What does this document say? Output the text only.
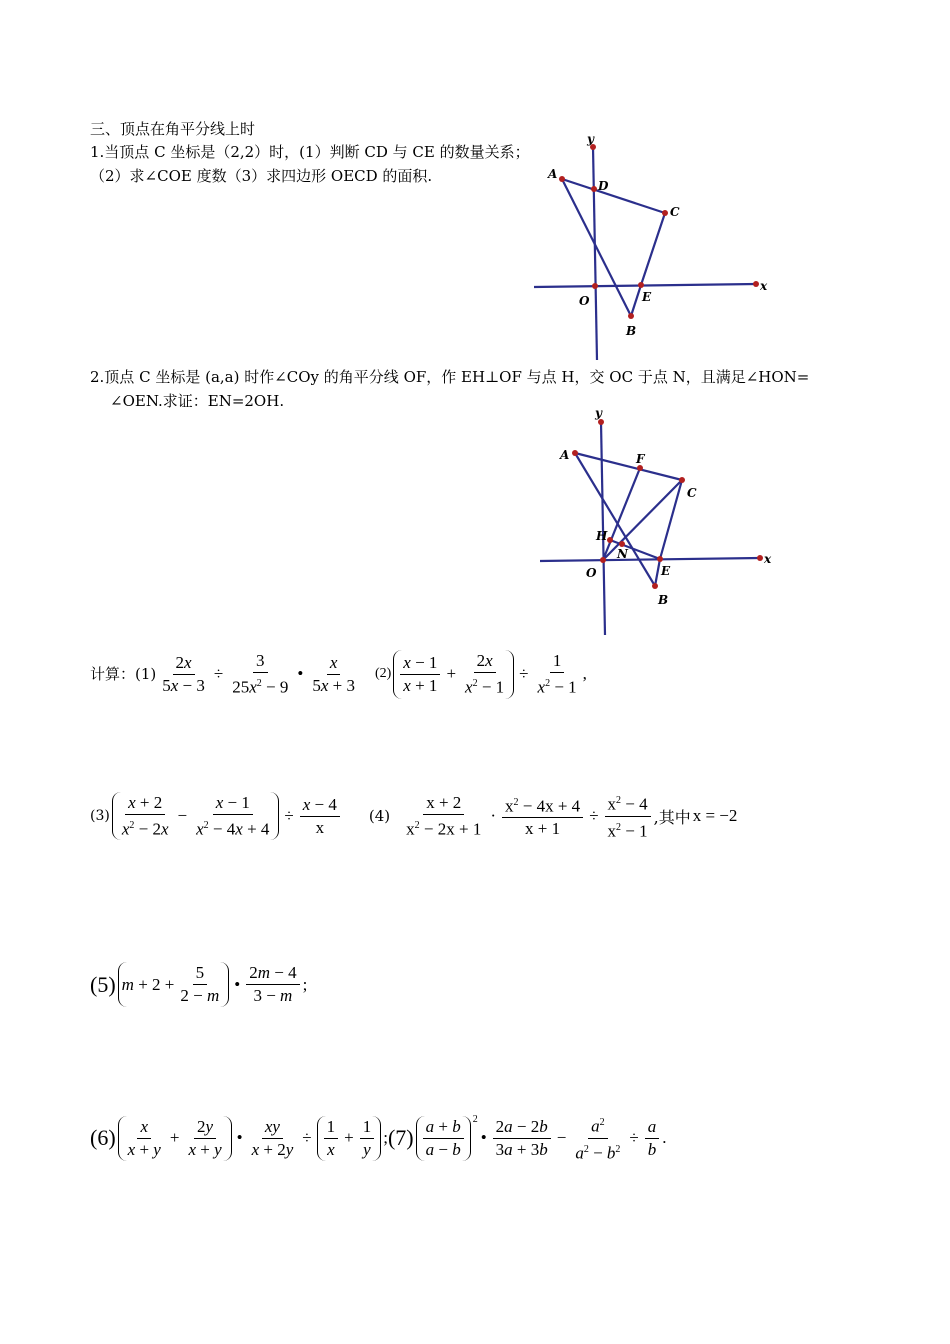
三、顶点在角平分线上时
1.当顶点 C 坐标是（2,2）时，(1）判断 CD 与 CE 的数量关系；
（2）求∠COE 度数（3）求四边形 OECD 的面积.
y
x
A
D
C
O	E
B
2.顶点 C 坐标是 (a,a) 时作∠COy 的角平分线 OF，作 EH⊥OF 与点 H，交 OC 于点 N，且满足∠HON=
∠OEN.求证：EN=2OH.
y
x
A	F
C
H
N
O	E
B
计算：$(1) \frac{2x}{5x - 3} \div \frac{3}{25x^2 - 9}$ • $\frac{x}{5x + 3} (2) \frac{x - 1}{x + 1} + \frac{2x}{x^2 - 1} \div \frac{1}{x^2 - 1}$ ,
$(3) \frac{x + 2}{x^2 - 2x} - \frac{x - 1}{x^2 - 4x + 4} \div \frac{x - 4}{x} (4) \frac{x + 2}{x^2 - 2x + 1} \cdot \frac{x^2 - 4x + 4}{x + 1} \div \frac{x^2 - 4}{x^2 - 1}$ ,其中 x = −2
(5) $m + 2 + \frac{5}{2 - m}$ • $\frac{2m - 4}{3 - m}$ ;
$(6) \frac{x}{x + y} + \frac{2y}{x + y}$ • $\frac{xy}{x + 2y} \div \frac{1}{x} + \frac{1}{y}$ ; $(7) \frac{a + b}{a - b} ^2$
• $\frac{2a - 2b}{3a + 3b} - \frac{a^2}{a^2 - b^2} \div \frac{a}{b}$ .
